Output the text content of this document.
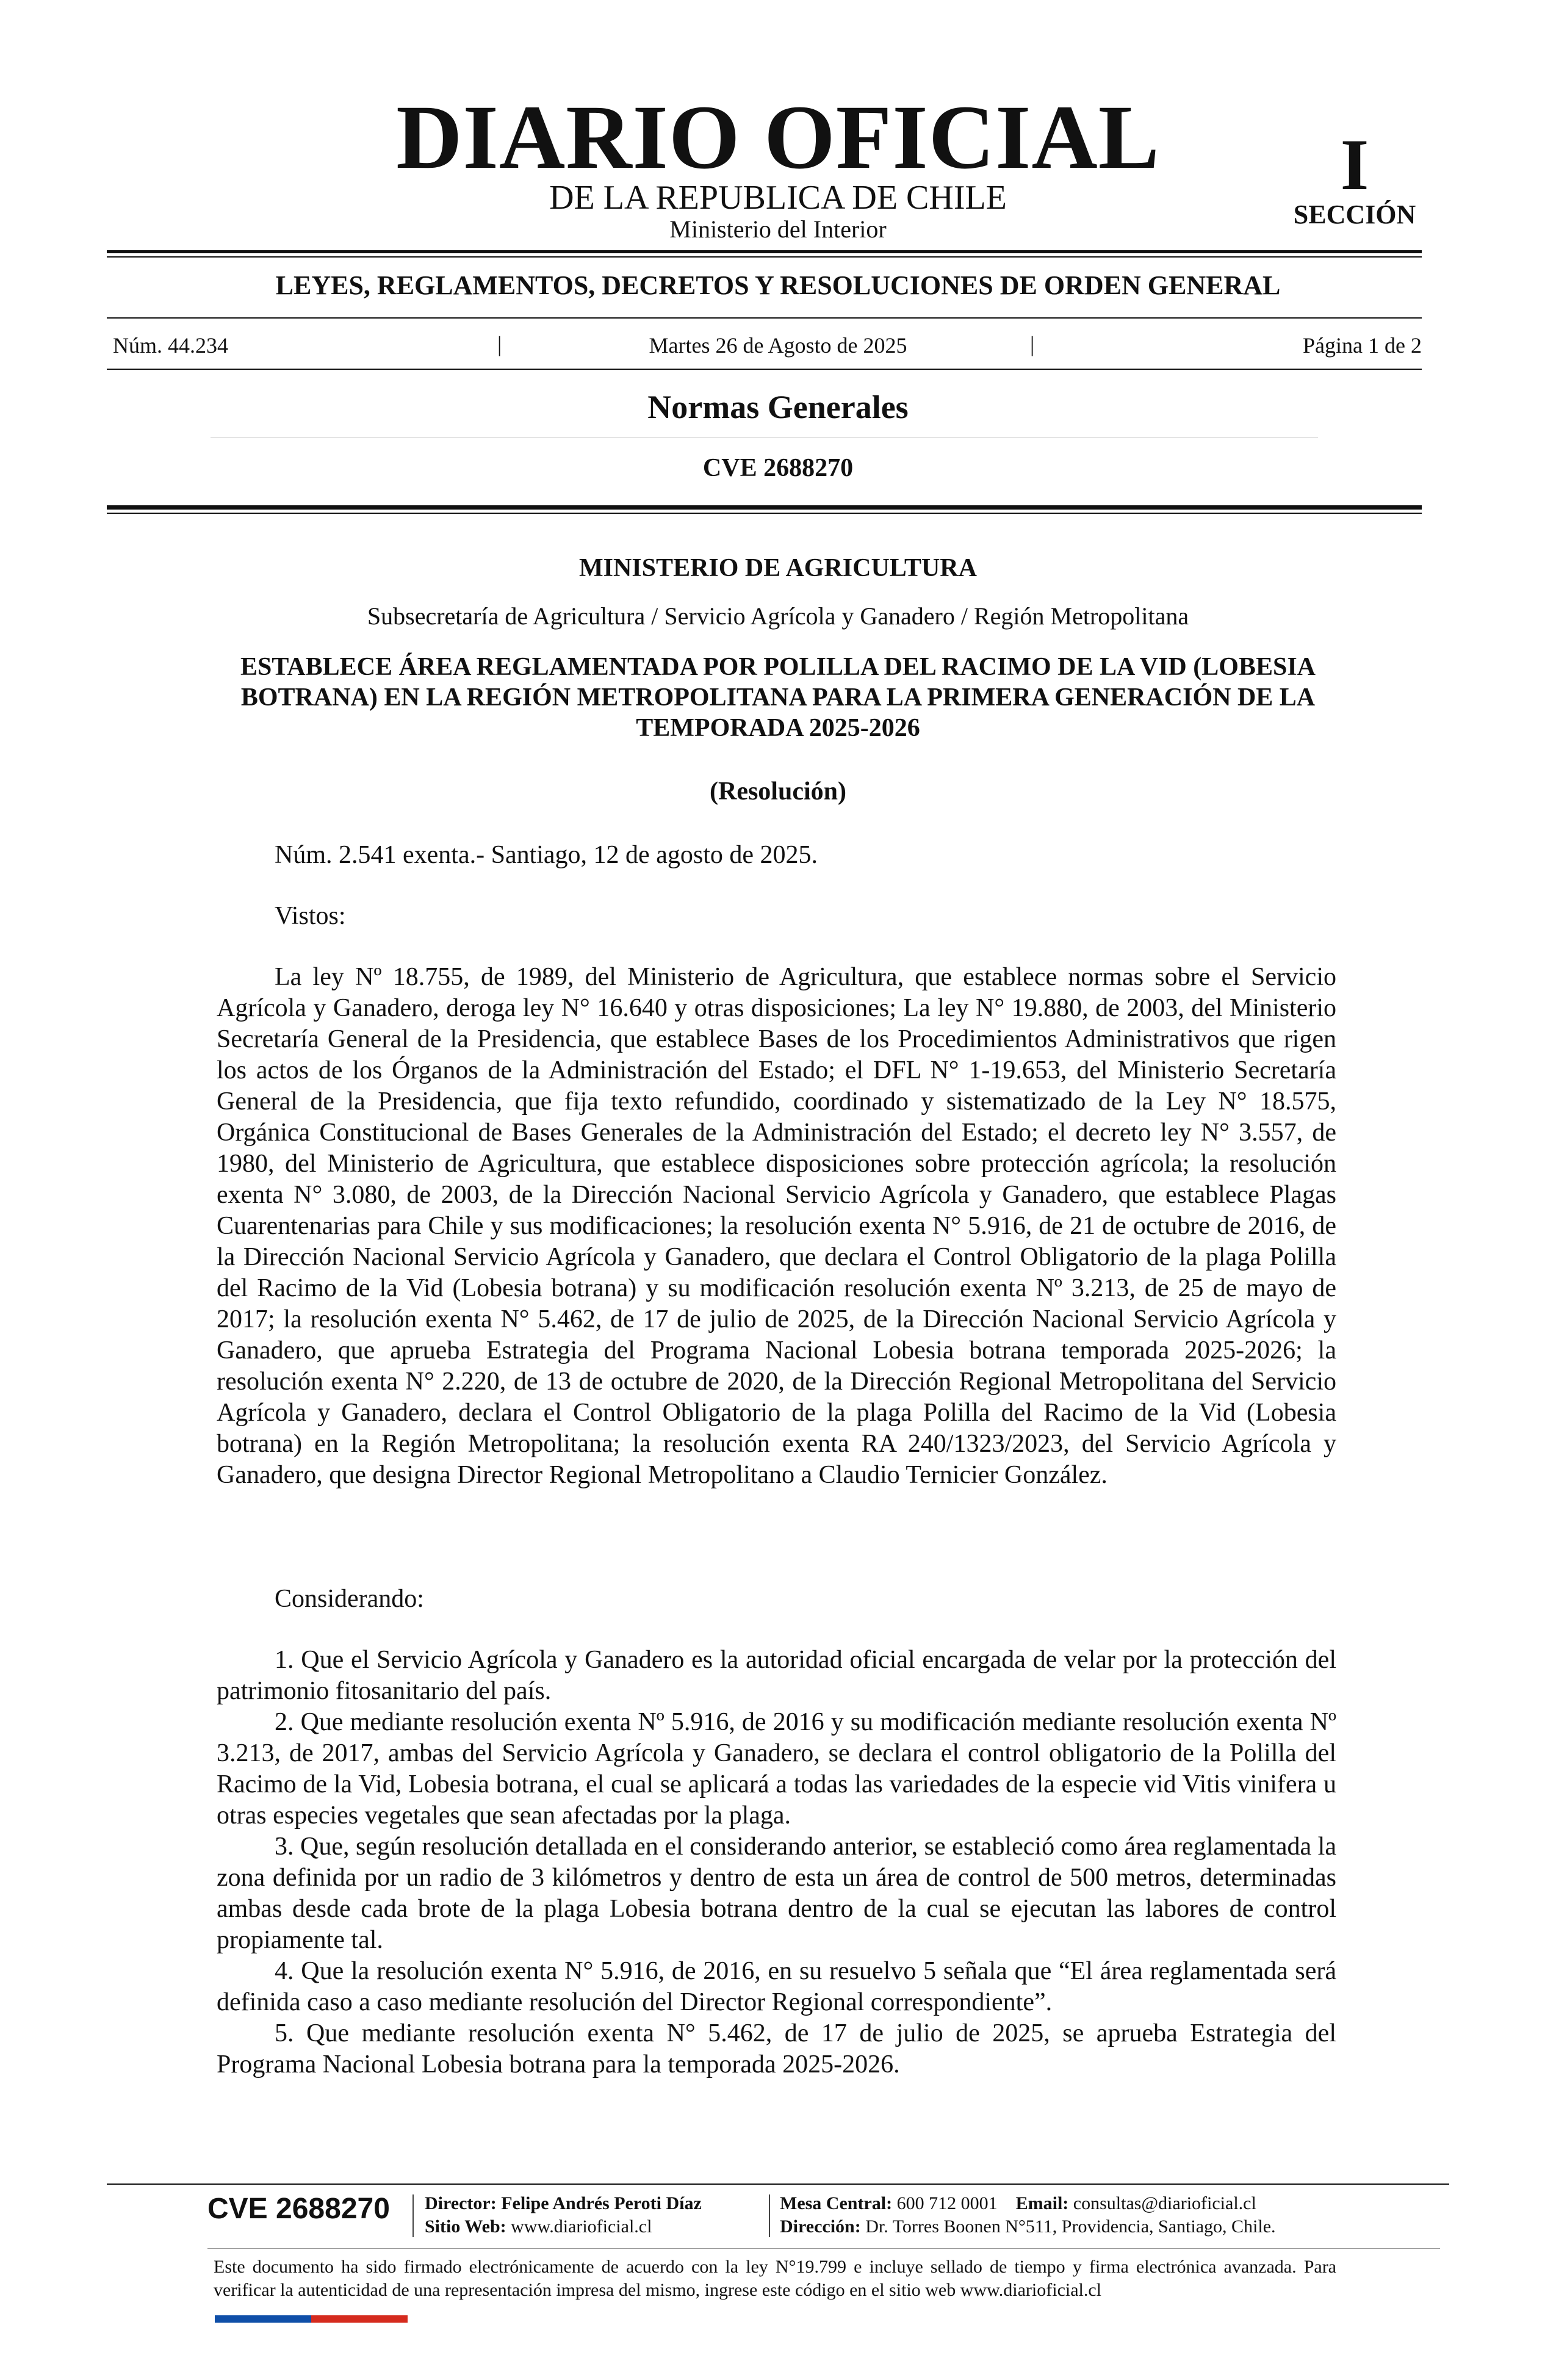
DIARIO OFICIAL
DE LA REPUBLICA DE CHILE
Ministerio del Interior
I
SECCIÓN
LEYES, REGLAMENTOS, DECRETOS Y RESOLUCIONES DE ORDEN GENERAL
Núm. 44.234	|	Martes 26 de Agosto de 2025	|	Página 1 de 2
Normas Generales
CVE 2688270
MINISTERIO DE AGRICULTURA
Subsecretaría de Agricultura / Servicio Agrícola y Ganadero / Región Metropolitana
ESTABLECE ÁREA REGLAMENTADA POR POLILLA DEL RACIMO DE LA VID (LOBESIA BOTRANA) EN LA REGIÓN METROPOLITANA PARA LA PRIMERA GENERACIÓN DE LA TEMPORADA 2025-2026
(Resolución)
Núm. 2.541 exenta.- Santiago, 12 de agosto de 2025.
Vistos:
La ley Nº 18.755, de 1989, del Ministerio de Agricultura, que establece normas sobre el Servicio Agrícola y Ganadero, deroga ley N° 16.640 y otras disposiciones; La ley N° 19.880, de 2003, del Ministerio Secretaría General de la Presidencia, que establece Bases de los Procedimientos Administrativos que rigen los actos de los Órganos de la Administración del Estado; el DFL N° 1-19.653, del Ministerio Secretaría General de la Presidencia, que fija texto refundido, coordinado y sistematizado de la Ley N° 18.575, Orgánica Constitucional de Bases Generales de la Administración del Estado; el decreto ley N° 3.557, de 1980, del Ministerio de Agricultura, que establece disposiciones sobre protección agrícola; la resolución exenta N° 3.080, de 2003, de la Dirección Nacional Servicio Agrícola y Ganadero, que establece Plagas Cuarentenarias para Chile y sus modificaciones; la resolución exenta N° 5.916, de 21 de octubre de 2016, de la Dirección Nacional Servicio Agrícola y Ganadero, que declara el Control Obligatorio de la plaga Polilla del Racimo de la Vid (Lobesia botrana) y su modificación resolución exenta Nº 3.213, de 25 de mayo de 2017; la resolución exenta N° 5.462, de 17 de julio de 2025, de la Dirección Nacional Servicio Agrícola y Ganadero, que aprueba Estrategia del Programa Nacional Lobesia botrana temporada 2025-2026; la resolución exenta N° 2.220, de 13 de octubre de 2020, de la Dirección Regional Metropolitana del Servicio Agrícola y Ganadero, declara el Control Obligatorio de la plaga Polilla del Racimo de la Vid (Lobesia botrana) en la Región Metropolitana; la resolución exenta RA 240/1323/2023, del Servicio Agrícola y Ganadero, que designa Director Regional Metropolitano a Claudio Ternicier González.
Considerando:

1. Que el Servicio Agrícola y Ganadero es la autoridad oficial encargada de velar por la protección del patrimonio fitosanitario del país.

2. Que mediante resolución exenta Nº 5.916, de 2016 y su modificación mediante resolución exenta Nº 3.213, de 2017, ambas del Servicio Agrícola y Ganadero, se declara el control obligatorio de la Polilla del Racimo de la Vid, Lobesia botrana, el cual se aplicará a todas las variedades de la especie vid Vitis vinifera u otras especies vegetales que sean afectadas por la plaga.

3. Que, según resolución detallada en el considerando anterior, se estableció como área reglamentada la zona definida por un radio de 3 kilómetros y dentro de esta un área de control de 500 metros, determinadas ambas desde cada brote de la plaga Lobesia botrana dentro de la cual se ejecutan las labores de control propiamente tal.

4. Que la resolución exenta N° 5.916, de 2016, en su resuelvo 5 señala que “El área reglamentada será definida caso a caso mediante resolución del Director Regional correspondiente”.

5. Que mediante resolución exenta N° 5.462, de 17 de julio de 2025, se aprueba Estrategia del Programa Nacional Lobesia botrana para la temporada 2025-2026.

CVE 2688270 Director: Felipe Andrés Peroti Díaz
Sitio Web: www.diarioficial.cl
Mesa Central: 600 712 0001 Email: consultas@diarioficial.cl
Dirección: Dr. Torres Boonen N°511, Providencia, Santiago, Chile.
Este documento ha sido firmado electrónicamente de acuerdo con la ley N°19.799 e incluye sellado de tiempo y firma electrónica avanzada. Para verificar la autenticidad de una representación impresa del mismo, ingrese este código en el sitio web www.diarioficial.cl
